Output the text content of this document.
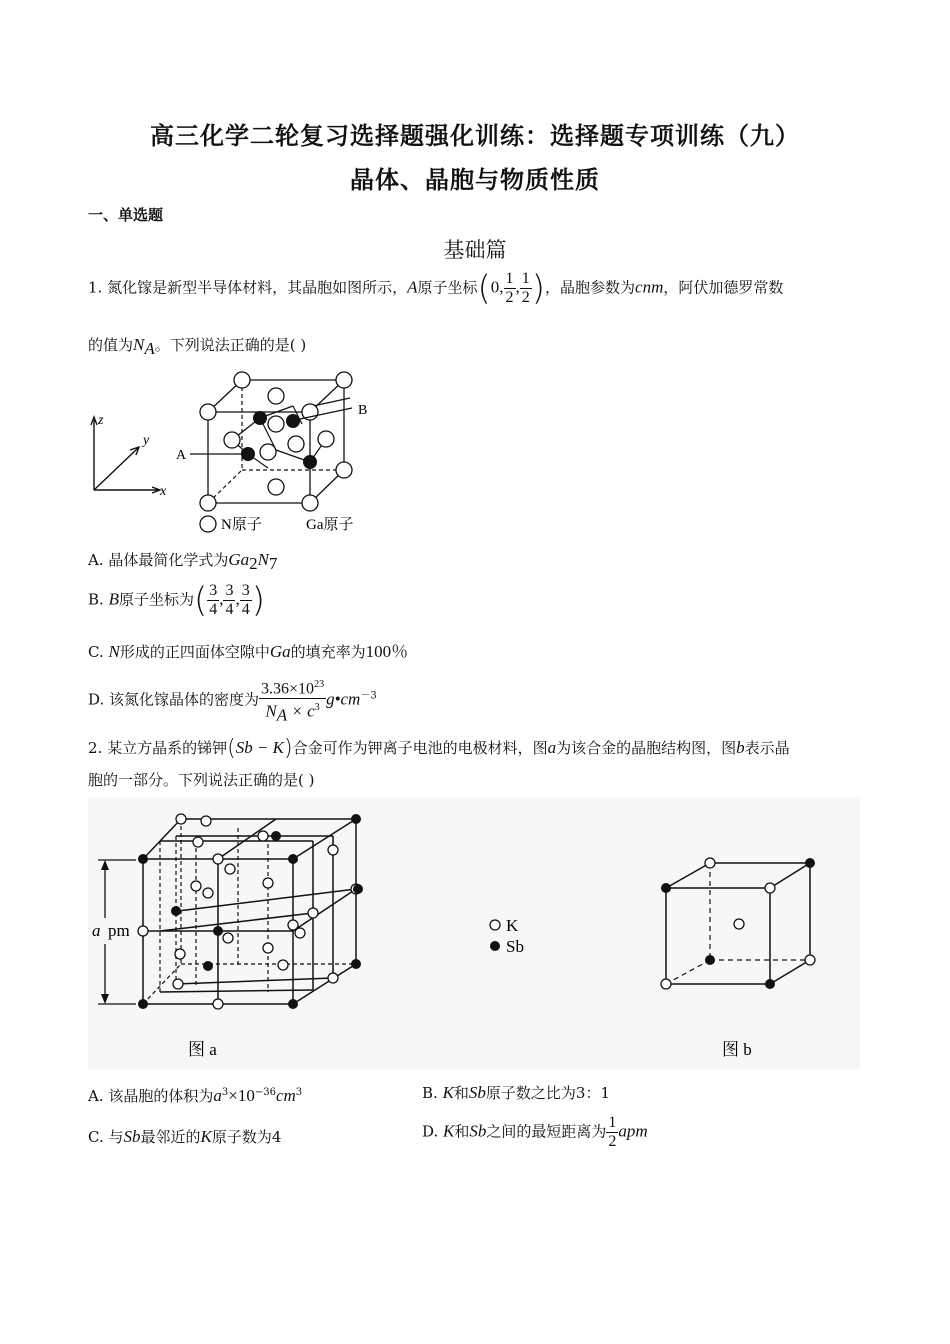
高三化学二轮复习选择题强化训练：选择题专项训练（九）
晶体、晶胞与物质性质
一、单选题
基础篇
1. 氮化镓是新型半导体材料，其晶胞如图所示，A原子坐标(0, $\frac{1}{2}$ , $\frac{1}{2}$ )，晶胞参数为cnm，阿伏加德罗常数
的值为$N_A$。下列说法正确的是( )
z
y
x
B
A
N原子	Ga原子
A. 晶体最简化学式为$Ga_2N_7$
B. B原子坐标为( $\frac{3}{4}$ , $\frac{3}{4}$ , $\frac{3}{4}$ )
C. N形成的正四面体空隙中Ga的填充率为100％
D. 该氮化镓晶体的密度为 $\frac{3.36\times 10^{23}}{N_A \times c^3}$ $g•cm^{-3}$
2. 某立方晶系的锑钾(Sb − K)合金可作为钾离子电池的电极材料，图a为该合金的晶胞结构图，图b表示晶
胞的一部分。下列说法正确的是( )
a pm
图 a
K
Sb
图 b
A. 该晶胞的体积为$a^3\times 10^{-36}cm^3$	B. K和Sb原子数之比为3：1
C. 与Sb最邻近的K原子数为4	D. K和Sb之间的最短距离为 $\frac{1}{2}$ apm
